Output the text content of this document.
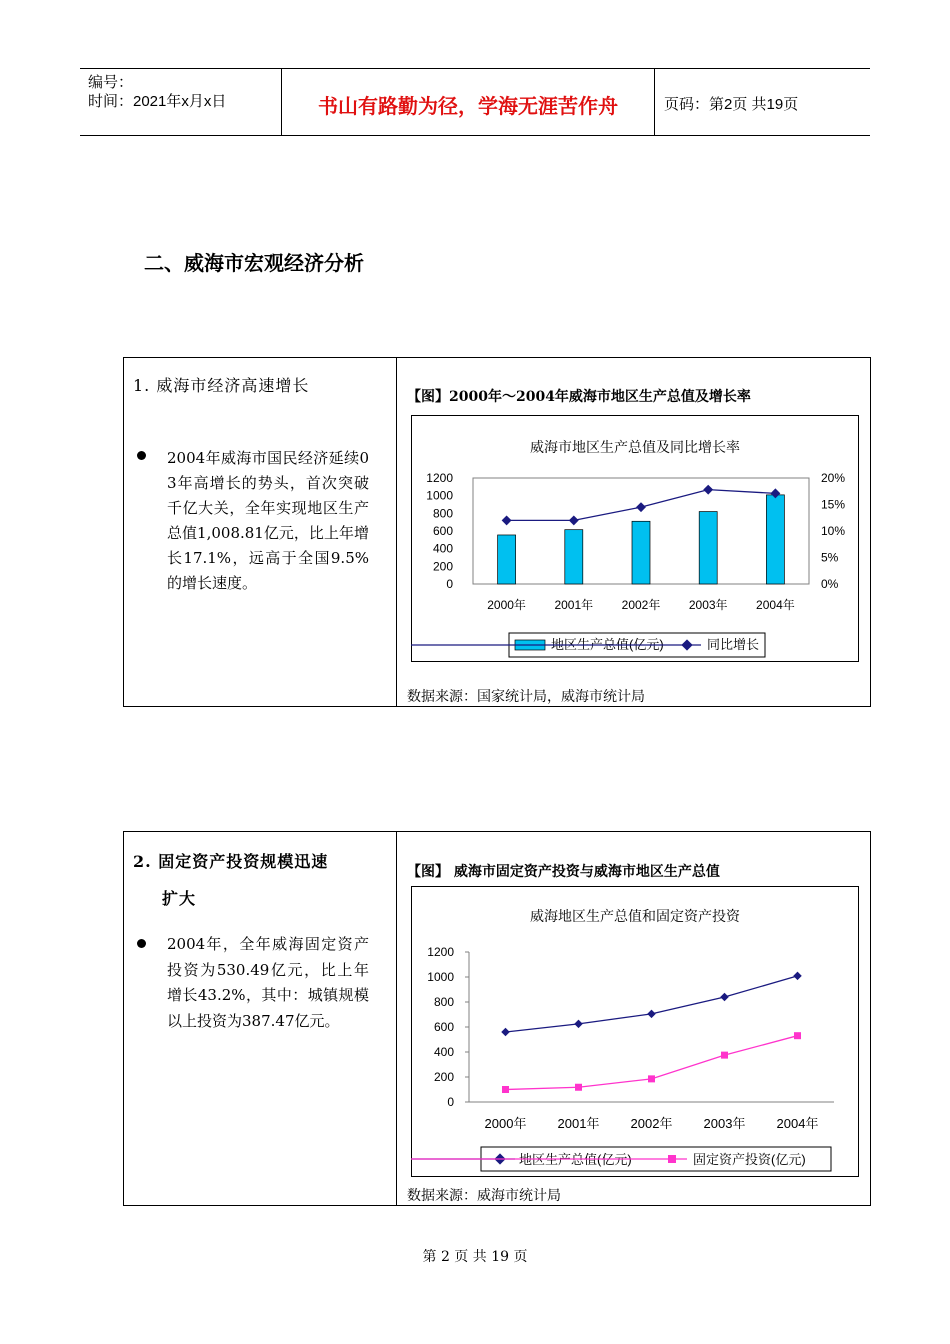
编号：
时间：2021年x月x日	书山有路勤为径，学海无涯苦作舟	页码：第2页 共19页
二、威海市宏观经济分析
1. 威海市经济高速增长
2004年威海市国民经济延续03年高增长的势头，首次突破千亿大关，全年实现地区生产总值1,008.81亿元，比上年增长17.1%，远高于全国9.5%的增长速度。
【图】2000年～2004年威海市地区生产总值及增长率
威海市地区生产总值及同比增长率
0
200
400
600
800
1000
1200
0%
5%
10%
15%
20%
2000年 2001年 2002年 2003年 2004年
地区生产总值(亿元)	同比增长
数据来源：国家统计局，威海市统计局
2. 固定资产投资规模迅速
扩大
2004年，全年威海固定资产投资为530.49亿元，比上年增长43.2%，其中：城镇规模以上投资为387.47亿元。
【图】 威海市固定资产投资与威海市地区生产总值
威海地区生产总值和固定资产投资
0
200
400
600
800
1000
1200
2000年 2001年 2002年 2003年 2004年
地区生产总值(亿元)	固定资产投资(亿元)
数据来源：威海市统计局
第 2 页 共 19 页
